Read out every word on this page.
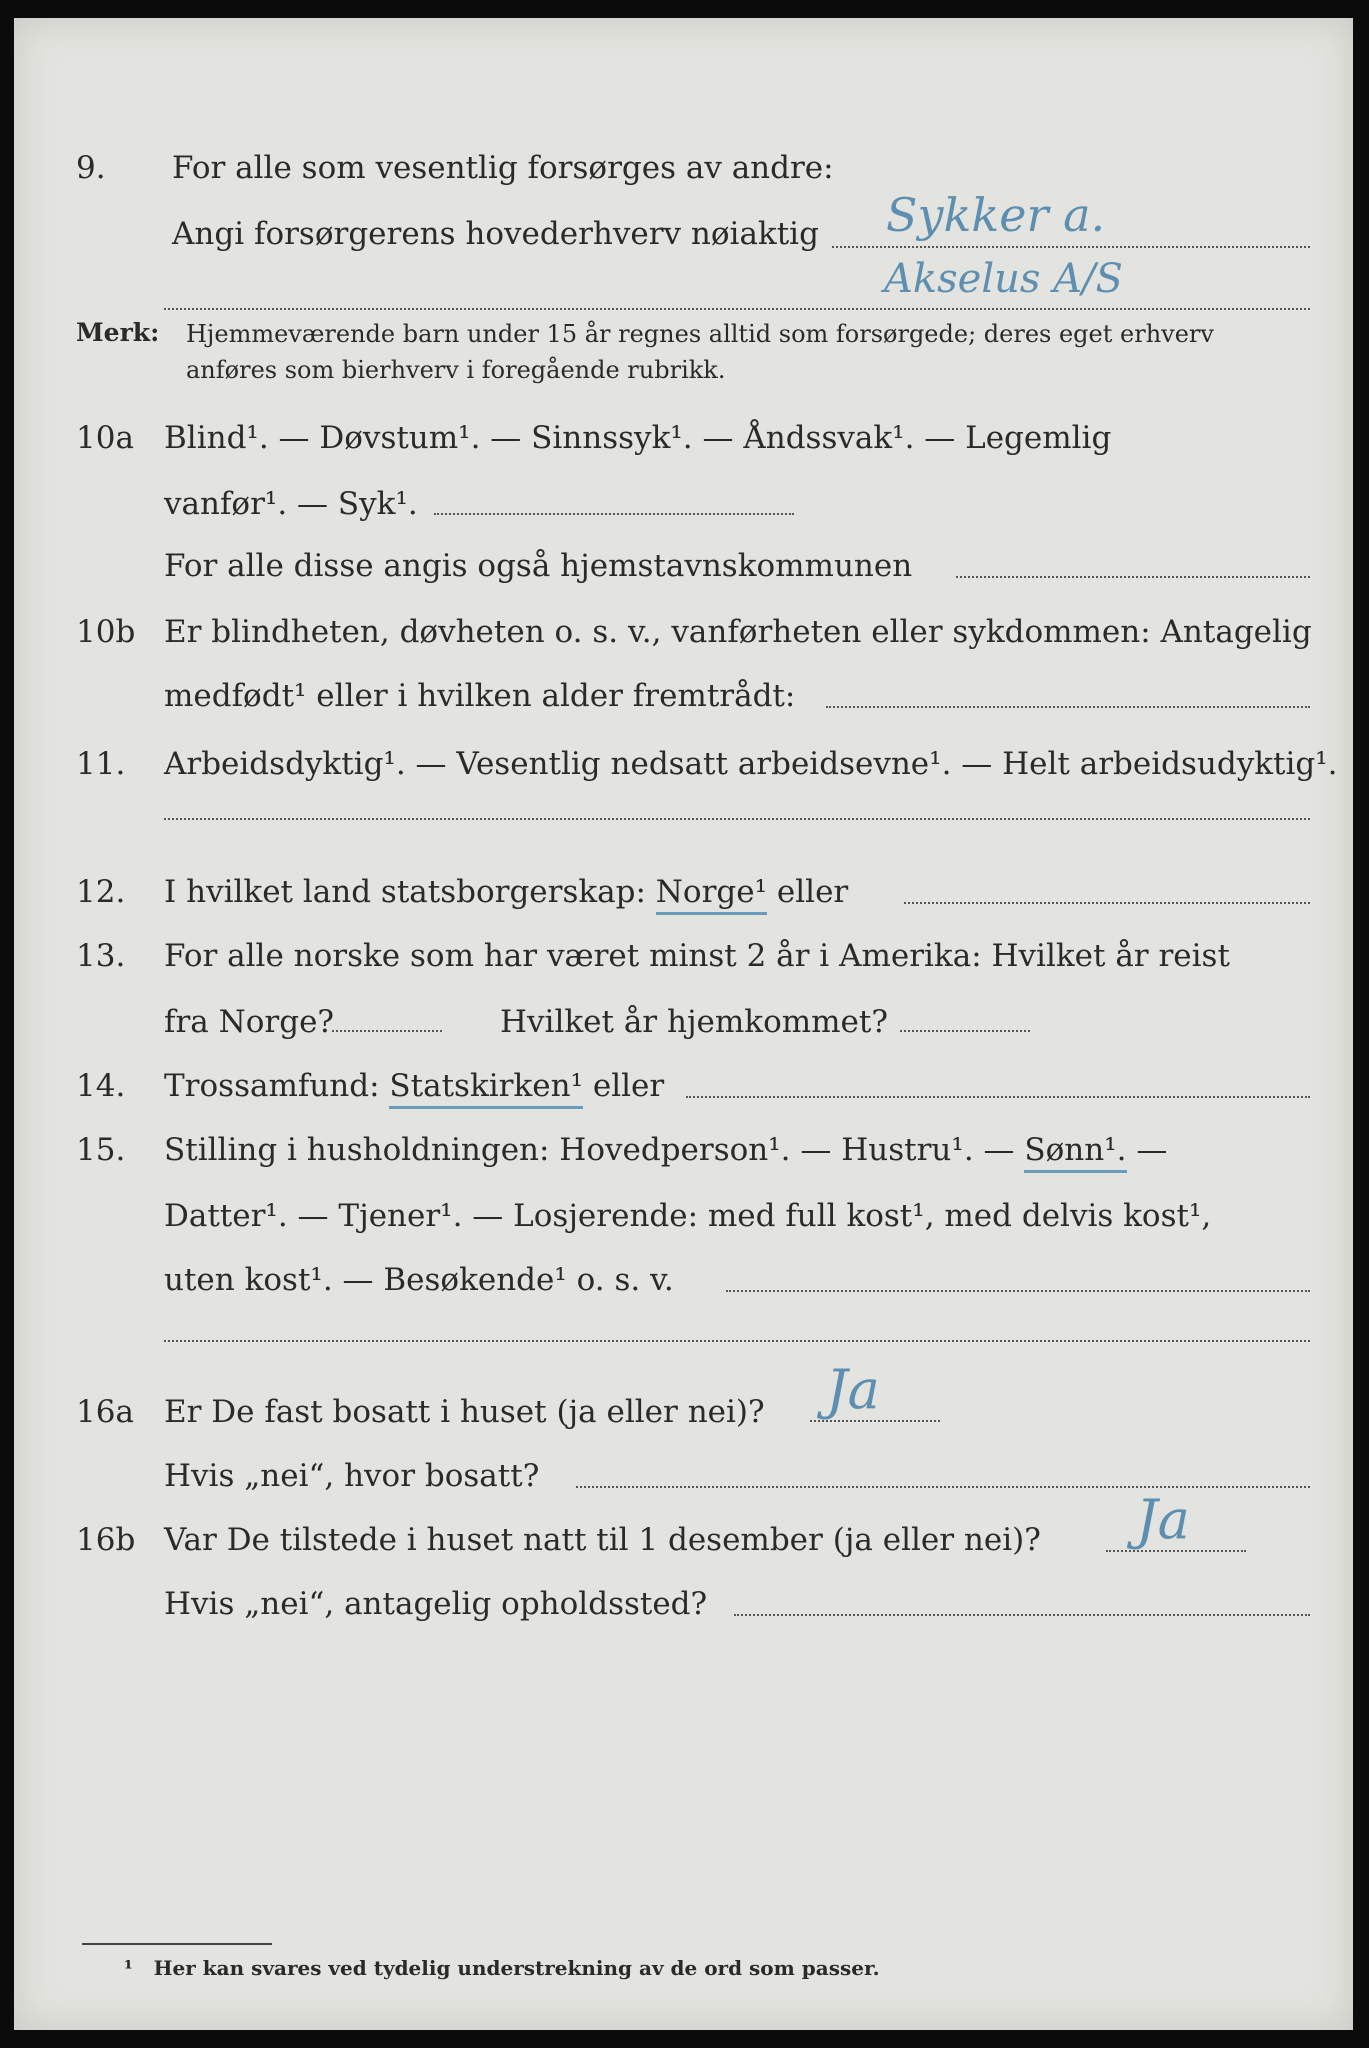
9. For alle som vesentlig forsørges av andre:
Angi forsørgerens hovederhverv nøiaktig Sykker a.
Akselus A/S
Merk: Hjemmeværende barn under 15 år regnes alltid som forsørgede; deres eget erhverv
anføres som bierhverv i foregående rubrikk.
10a Blind¹. — Døvstum¹. — Sinnssyk¹. — Åndssvak¹. — Legemlig
vanfør¹. — Syk¹.
For alle disse angis også hjemstavnskommunen
10b Er blindheten, døvheten o. s. v., vanførheten eller sykdommen: Antagelig
medfødt¹ eller i hvilken alder fremtrådt:
11. Arbeidsdyktig¹. — Vesentlig nedsatt arbeidsevne¹. — Helt arbeidsudyktig¹.
12. I hvilket land statsborgerskap: Norge¹ eller
13. For alle norske som har været minst 2 år i Amerika: Hvilket år reist
fra Norge?	Hvilket år hjemkommet?
14. Trossamfund: Statskirken¹ eller
15. Stilling i husholdningen: Hovedperson¹. — Hustru¹. — Sønn¹. —
Datter¹. — Tjener¹. — Losjerende: med full kost¹, med delvis kost¹,
uten kost¹. — Besøkende¹ o. s. v.
16a Er De fast bosatt i huset (ja eller nei)? Ja
Hvis „nei“, hvor bosatt?
16b Var De tilstede i huset natt til 1 desember (ja eller nei)? Ja
Hvis „nei“, antagelig opholdssted?
¹ Her kan svares ved tydelig understrekning av de ord som passer.
